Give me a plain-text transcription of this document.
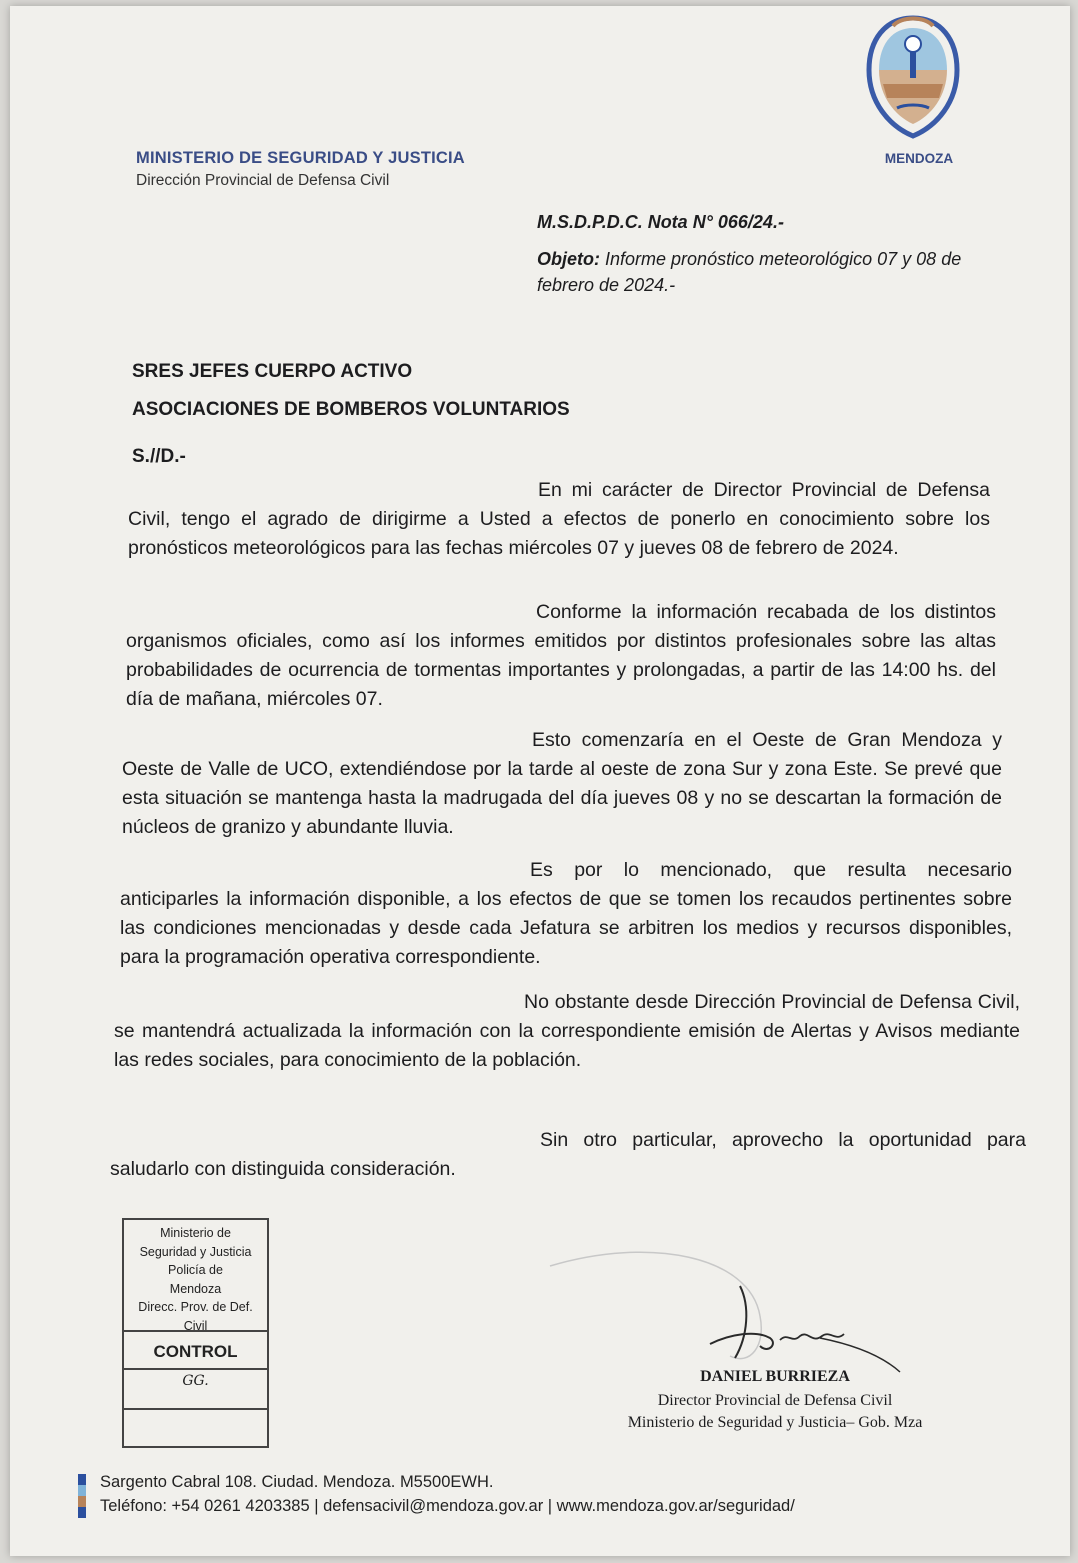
MINISTERIO DE SEGURIDAD Y JUSTICIA
Dirección Provincial de Defensa Civil
MENDOZA
M.S.D.P.D.C. Nota N° 066/24.-
Objeto: Informe pronóstico meteorológico 07 y 08 de febrero de 2024.-
SRES JEFES CUERPO ACTIVO
ASOCIACIONES DE BOMBEROS VOLUNTARIOS
S.//D.-
En mi carácter de Director Provincial de Defensa Civil, tengo el agrado de dirigirme a Usted a efectos de ponerlo en conocimiento sobre los pronósticos meteorológicos para las fechas miércoles 07 y jueves 08 de febrero de 2024.
Conforme la información recabada de los distintos organismos oficiales, como así los informes emitidos por distintos profesionales sobre las altas probabilidades de ocurrencia de tormentas importantes y prolongadas, a partir de las 14:00 hs. del día de mañana, miércoles 07.
Esto comenzaría en el Oeste de Gran Mendoza y Oeste de Valle de UCO, extendiéndose por la tarde al oeste de zona Sur y zona Este. Se prevé que esta situación se mantenga hasta la madrugada del día jueves 08 y no se descartan la formación de núcleos de granizo y abundante lluvia.
Es por lo mencionado, que resulta necesario anticiparles la información disponible, a los efectos de que se tomen los recaudos pertinentes sobre las condiciones mencionadas y desde cada Jefatura se arbitren los medios y recursos disponibles, para la programación operativa correspondiente.
No obstante desde Dirección Provincial de Defensa Civil, se mantendrá actualizada la información con la correspondiente emisión de Alertas y Avisos mediante las redes sociales, para conocimiento de la población.
Sin otro particular, aprovecho la oportunidad para saludarlo con distinguida consideración.
Ministerio de
Seguridad y Justicia
Policía de
Mendoza
Direcc. Prov. de Def.
Civil
CONTROL
GG.	DANIEL BURRIEZA
Director Provincial de Defensa Civil
Ministerio de Seguridad y Justicia– Gob. Mza
Sargento Cabral 108. Ciudad. Mendoza. M5500EWH.
Teléfono: +54 0261 4203385 | defensacivil@mendoza.gov.ar | www.mendoza.gov.ar/seguridad/
